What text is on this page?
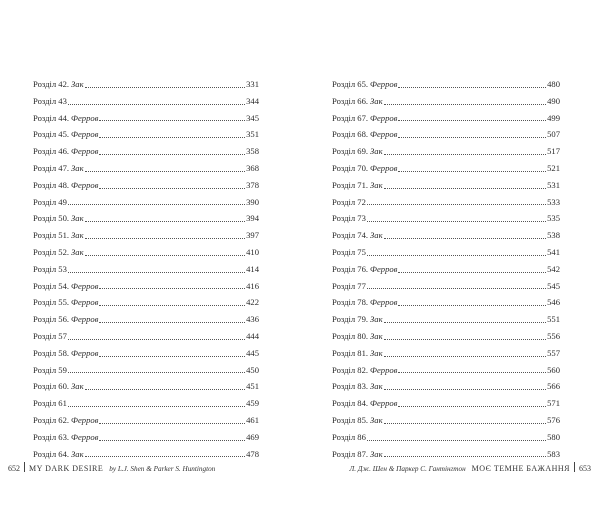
Розділ 42. Зак	331
Розділ 43	344
Розділ 44. Ферров	345
Розділ 45. Ферров	351
Розділ 46. Ферров	358
Розділ 47. Зак	368
Розділ 48. Ферров	378
Розділ 49	390
Розділ 50. Зак	394
Розділ 51. Зак	397
Розділ 52. Зак	410
Розділ 53	414
Розділ 54. Ферров	416
Розділ 55. Ферров	422
Розділ 56. Ферров	436
Розділ 57	444
Розділ 58. Ферров	445
Розділ 59	450
Розділ 60. Зак	451
Розділ 61	459
Розділ 62. Ферров	461
Розділ 63. Ферров	469
Розділ 64. Зак	478
652 MY DARK DESIRE by L.J. Shen & Parker S. Huntington
Розділ 65. Ферров	480
Розділ 66. Зак	490
Розділ 67. Ферров	499
Розділ 68. Ферров	507
Розділ 69. Зак	517
Розділ 70. Ферров	521
Розділ 71. Зак	531
Розділ 72	533
Розділ 73	535
Розділ 74. Зак	538
Розділ 75	541
Розділ 76. Ферров	542
Розділ 77	545
Розділ 78. Ферров	546
Розділ 79. Зак	551
Розділ 80. Зак	556
Розділ 81. Зак	557
Розділ 82. Ферров	560
Розділ 83. Зак	566
Розділ 84. Ферров	571
Розділ 85. Зак	576
Розділ 86	580
Розділ 87. Зак	583
Л. Дж. Шен & Паркер С. Гантінгтон МОЄ ТЕМНЕ БАЖАННЯ 653
